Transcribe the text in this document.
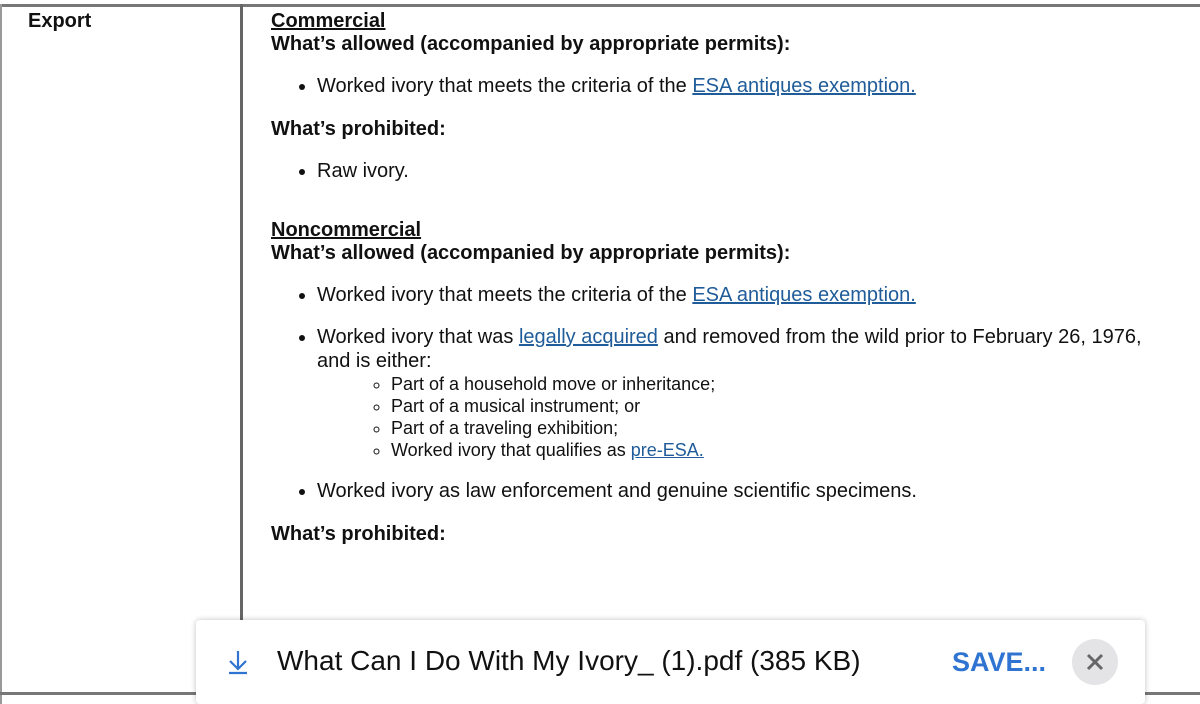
Export	Commercial
What’s allowed (accompanied by appropriate permits):
• Worked ivory that meets the criteria of the ESA antiques exemption.
What’s prohibited:
• Raw ivory.
Noncommercial
What’s allowed (accompanied by appropriate permits):
• Worked ivory that meets the criteria of the ESA antiques exemption.
• Worked ivory that was legally acquired and removed from the wild prior to February 26, 1976, and is either:
◦ Part of a household move or inheritance;
◦ Part of a musical instrument; or
◦ Part of a traveling exhibition;
◦ Worked ivory that qualifies as pre-ESA.
• Worked ivory as law enforcement and genuine scientific specimens.
What’s prohibited:
What Can I Do With My Ivory_ (1).pdf (385 KB)	SAVE...
